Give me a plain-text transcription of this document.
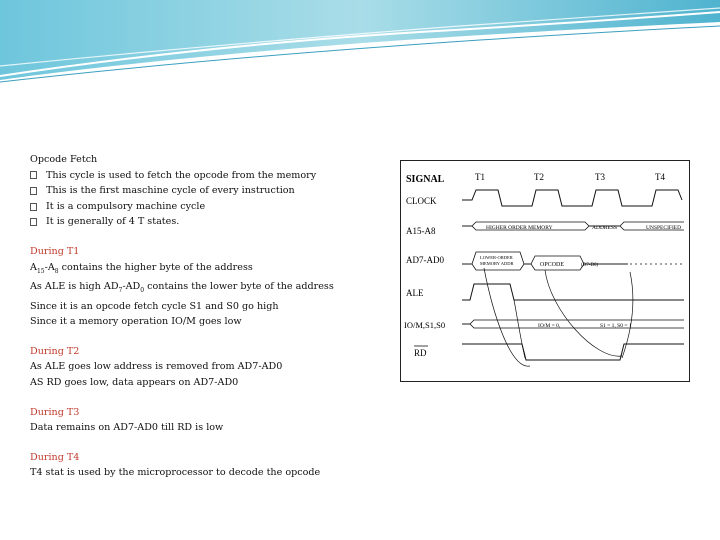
Opcode Fetch
This cycle is used to fetch the opcode from the memory
This is the first maschine cycle of every instruction
It is a compulsory machine cycle
It is generally of 4 T states.
During T1
$A_{15}-A_8$ contains the higher byte of the address
As ALE is high $AD_7-AD_0$ contains the lower byte of the address
Since it is an opcode fetch cycle S1 and S0 go high
Since it a memory operation IO/M goes low
During T2
As ALE goes low address is removed from AD7-AD0
AS RD goes low, data appears on AD7-AD0
During T3
Data remains on AD7-AD0 till RD is low
During T4
T4 stat is used by the microprocessor to decode the opcode
SIGNAL	T1	T2	T3	T4
CLOCK
A15-A8
AD7-AD0
ALE
IO/M,S1,S0
RD
HIGHER ORDER MEMORY	ADDRESS	UNSPECIFIED
LOWER-ORDER
MEMORY ADDR	OPCODE	(D7-D0)
IO/M = 0,	S1 = 1, S0 = 1
